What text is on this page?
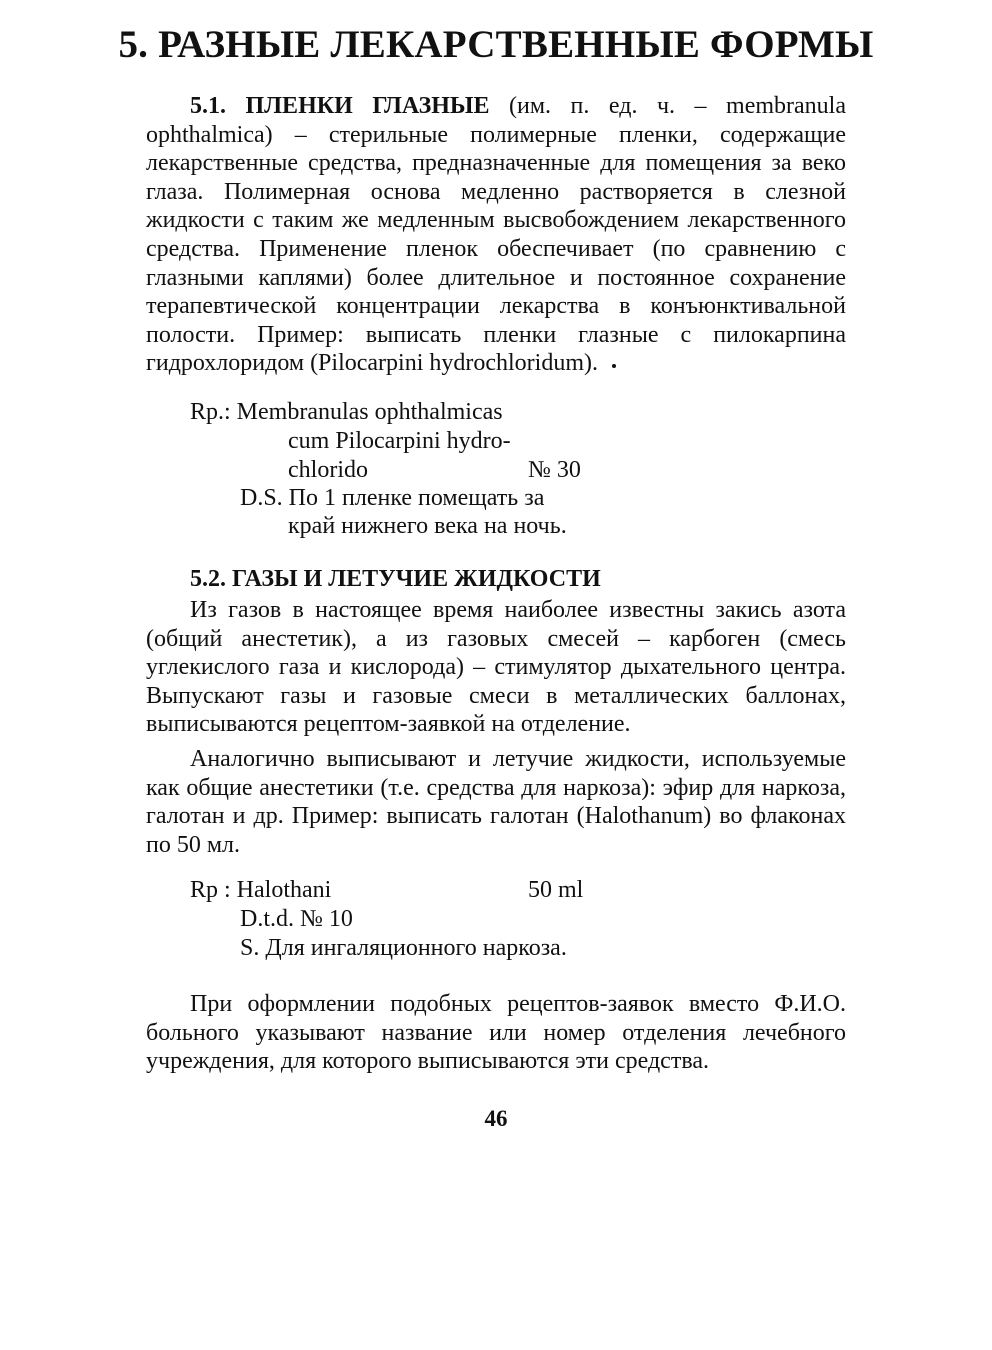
5. РАЗНЫЕ ЛЕКАРСТВЕННЫЕ ФОРМЫ

5.1. ПЛЕНКИ ГЛАЗНЫЕ (им. п. ед. ч. – membranula ophthalmica) – стерильные полимерные пленки, содержащие лекарственные средства, предназначенные для помещения за веко глаза. Полимерная основа медленно растворяется в слезной жидкости с таким же медленным высвобождением лекарственного средства. Применение пленок обеспечивает (по сравнению с глазными каплями) более длительное и постоянное сохранение терапевтической концентрации лекарства в конъюнктивальной полости. Пример: выписать пленки глазные с пилокарпина гидрохлоридом (Pilocarpini hydrochloridum).

Rp.: Membranulas ophthalmicas
cum Pilocarpini hydro-
chlorido	№ 30
D.S. По 1 пленке помещать за
край нижнего века на ночь.
5.2. ГАЗЫ И ЛЕТУЧИЕ ЖИДКОСТИ

Из газов в настоящее время наиболее известны закись азота (общий анестетик), а из газовых смесей – карбоген (смесь углекислого газа и кислорода) – стимулятор дыхательного центра. Выпускают газы и газовые смеси в металлических баллонах, выписываются рецептом-заявкой на отделение.

Аналогично выписывают и летучие жидкости, используемые как общие анестетики (т.е. средства для наркоза): эфир для наркоза, галотан и др. Пример: выписать галотан (Halothanum) во флаконах по 50 мл.

Rp : Halothani	50 ml
D.t.d. № 10
S. Для ингаляционного наркоза.

При оформлении подобных рецептов-заявок вместо Ф.И.О. больного указывают название или номер отделения лечебного учреждения, для которого выписываются эти средства.

46
